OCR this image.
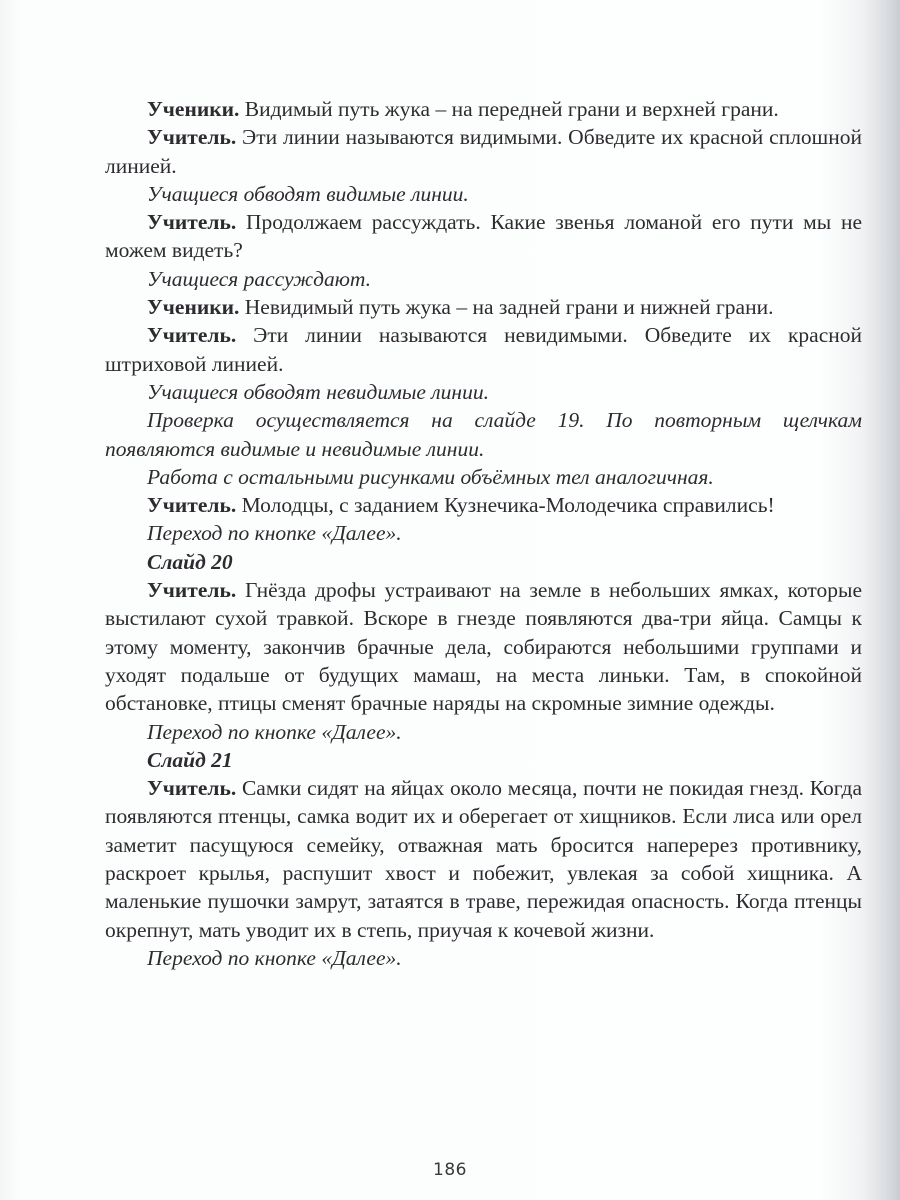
Ученики. Видимый путь жука – на передней грани и верхней грани.

Учитель. Эти линии называются видимыми. Обведите их красной сплошной линией.

Учащиеся обводят видимые линии.

Учитель. Продолжаем рассуждать. Какие звенья ломаной его пути мы не можем видеть?

Учащиеся рассуждают.

Ученики. Невидимый путь жука – на задней грани и нижней грани.

Учитель. Эти линии называются невидимыми. Обведите их красной штриховой линией.

Учащиеся обводят невидимые линии.

Проверка осуществляется на слайде 19. По повторным щелчкам появляются видимые и невидимые линии.

Работа с остальными рисунками объёмных тел аналогичная.

Учитель. Молодцы, с заданием Кузнечика-Молодечика справились!

Переход по кнопке «Далее».

Слайд 20

Учитель. Гнёзда дрофы устраивают на земле в небольших ямках, которые выстилают сухой травкой. Вскоре в гнезде появляются два-три яйца. Самцы к этому моменту, закончив брачные дела, собираются небольшими группами и уходят подальше от будущих мамаш, на места линьки. Там, в спокойной обстановке, птицы сменят брачные наряды на скромные зимние одежды.

Переход по кнопке «Далее».

Слайд 21

Учитель. Самки сидят на яйцах около месяца, почти не покидая гнезд. Когда появляются птенцы, самка водит их и оберегает от хищников. Если лиса или орел заметит пасущуюся семейку, отважная мать бросится наперерез противнику, раскроет крылья, распушит хвост и побежит, увлекая за собой хищника. А маленькие пушочки замрут, затаятся в траве, пережидая опасность. Когда птенцы окрепнут, мать уводит их в степь, приучая к кочевой жизни.

Переход по кнопке «Далее».

186
